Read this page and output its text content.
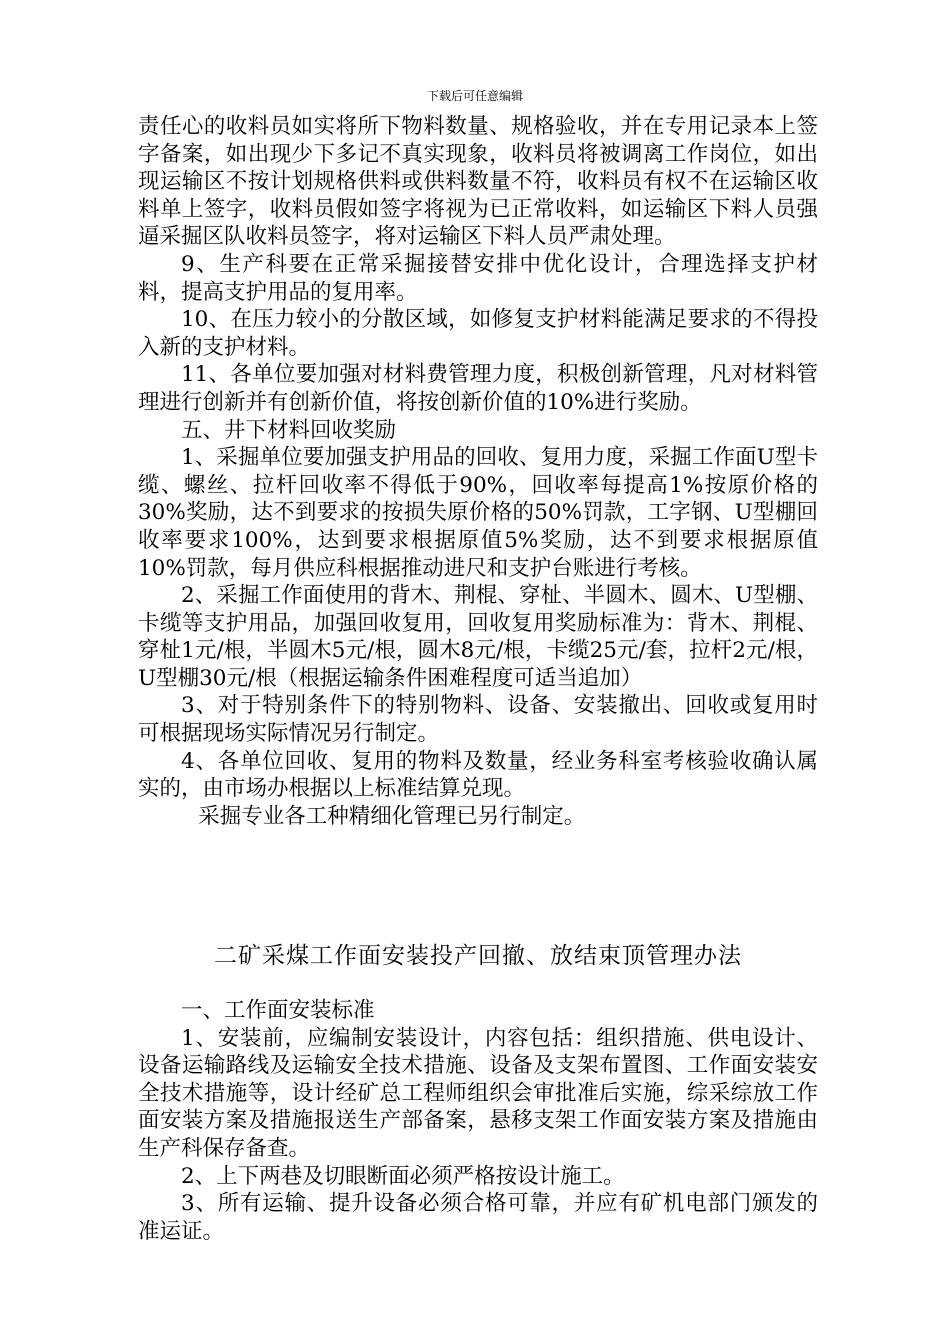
下载后可任意编辑

责任心的收料员如实将所下物料数量、规格验收，并在专用记录本上签字备案，如出现少下多记不真实现象，收料员将被调离工作岗位，如出现运输区不按计划规格供料或供料数量不符，收料员有权不在运输区收料单上签字，收料员假如签字将视为已正常收料，如运输区下料人员强逼采掘区队收料员签字，将对运输区下料人员严肃处理。

9、生产科要在正常采掘接替安排中优化设计，合理选择支护材料，提高支护用品的复用率。

10、在压力较小的分散区域，如修复支护材料能满足要求的不得投入新的支护材料。

11、各单位要加强对材料费管理力度，积极创新管理，凡对材料管理进行创新并有创新价值，将按创新价值的10%进行奖励。

五、井下材料回收奖励

1、采掘单位要加强支护用品的回收、复用力度，采掘工作面U型卡缆、螺丝、拉杆回收率不得低于90%，回收率每提高1%按原价格的30%奖励，达不到要求的按损失原价格的50%罚款，工字钢、U型棚回收率要求100%，达到要求根据原值5%奖励，达不到要求根据原值10%罚款，每月供应科根据推动进尺和支护台账进行考核。

2、采掘工作面使用的背木、荆棍、穿杫、半圆木、圆木、U型棚、卡缆等支护用品，加强回收复用，回收复用奖励标准为：背木、荆棍、穿杫1元/根，半圆木5元/根，圆木8元/根，卡缆25元/套，拉杆2元/根，U型棚30元/根（根据运输条件困难程度可适当追加）

3、对于特别条件下的特别物料、设备、安装撤出、回收或复用时可根据现场实际情况另行制定。

4、各单位回收、复用的物料及数量，经业务科室考核验收确认属实的，由市场办根据以上标准结算兑现。

采掘专业各工种精细化管理已另行制定。

二矿采煤工作面安装投产回撤、放结束顶管理办法

一、工作面安装标准

1、安装前，应编制安装设计，内容包括：组织措施、供电设计、设备运输路线及运输安全技术措施、设备及支架布置图、工作面安装安全技术措施等，设计经矿总工程师组织会审批准后实施，综采综放工作面安装方案及措施报送生产部备案，悬移支架工作面安装方案及措施由生产科保存备查。

2、上下两巷及切眼断面必须严格按设计施工。

3、所有运输、提升设备必须合格可靠，并应有矿机电部门颁发的准运证。
